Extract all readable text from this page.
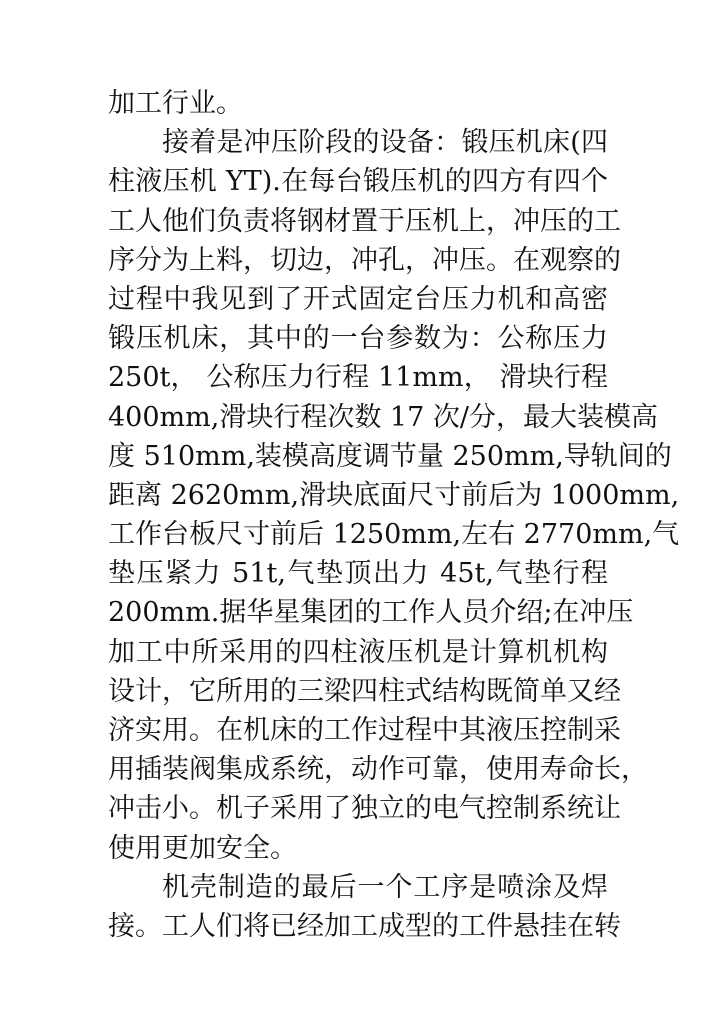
加工行业。
接着是冲压阶段的设备：锻压机床(四
柱液压机 YT).在每台锻压机的四方有四个
工人他们负责将钢材置于压机上，冲压的工
序分为上料，切边，冲孔，冲压。在观察的
过程中我见到了开式固定台压力机和高密
锻压机床，其中的一台参数为：公称压力
250t， 公称压力行程 11mm， 滑块行程
400mm,滑块行程次数 17 次/分，最大装模高
度 510mm,装模高度调节量 250mm,导轨间的
距离 2620mm,滑块底面尺寸前后为 1000mm,
工作台板尺寸前后 1250mm,左右 2770mm,气
垫压紧力 51t,气垫顶出力 45t,气垫行程
200mm.据华星集团的工作人员介绍;在冲压
加工中所采用的四柱液压机是计算机机构
设计，它所用的三梁四柱式结构既简单又经
济实用。在机床的工作过程中其液压控制采
用插装阀集成系统，动作可靠，使用寿命长，
冲击小。机子采用了独立的电气控制系统让
使用更加安全。
机壳制造的最后一个工序是喷涂及焊
接。工人们将已经加工成型的工件悬挂在转
